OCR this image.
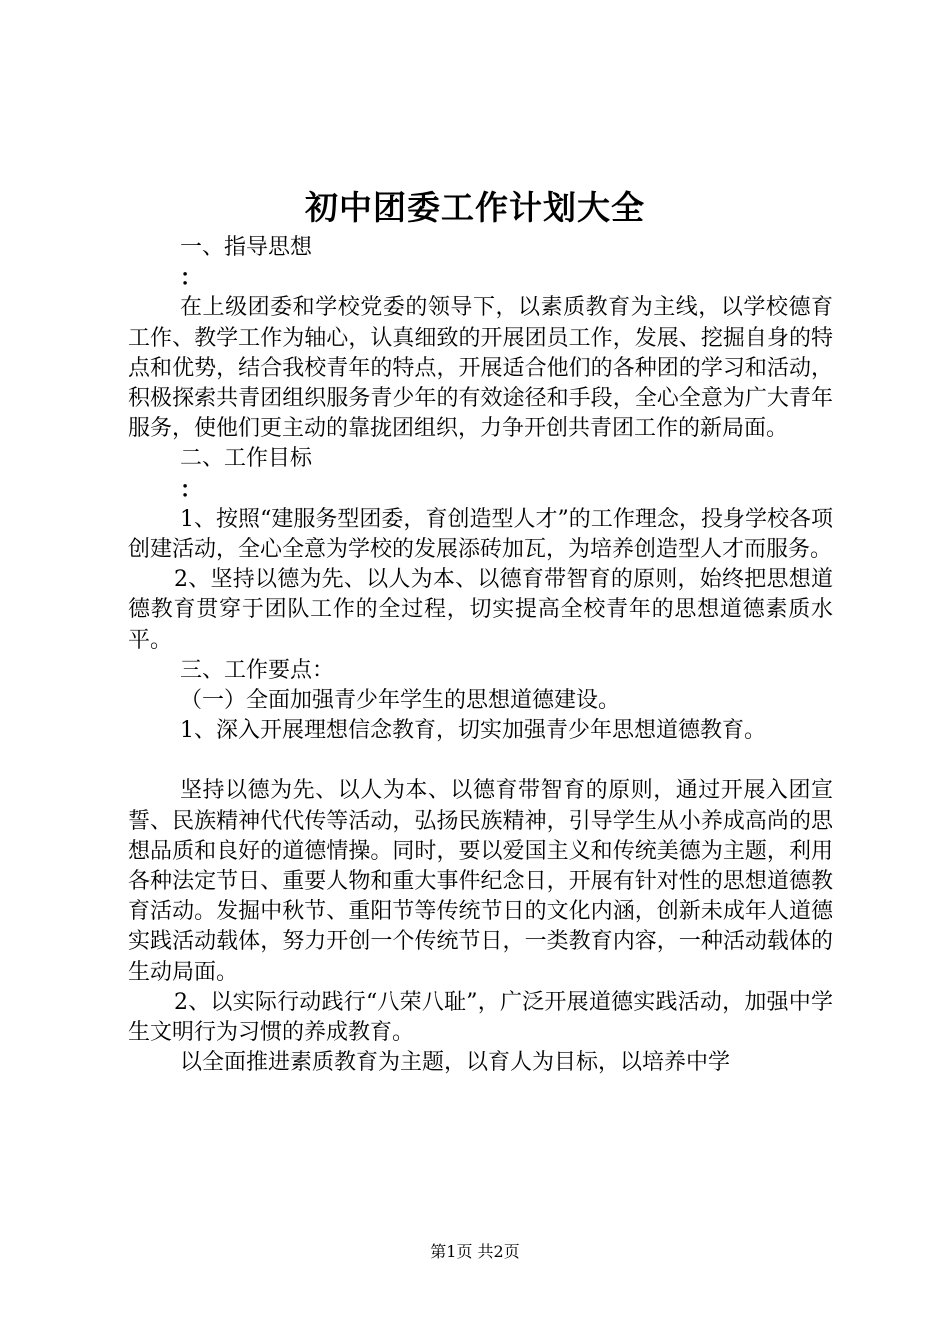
初中团委工作计划大全

一、指导思想

：

在上级团委和学校党委的领导下，以素质教育为主线，以学校德育工作、教学工作为轴心，认真细致的开展团员工作，发展、挖掘自身的特点和优势，结合我校青年的特点，开展适合他们的各种团的学习和活动，积极探索共青团组织服务青少年的有效途径和手段，全心全意为广大青年服务，使他们更主动的靠拢团组织，力争开创共青团工作的新局面。

二、工作目标

：

1、按照“建服务型团委，育创造型人才”的工作理念，投身学校各项创建活动，全心全意为学校的发展添砖加瓦，为培养创造型人才而服务。

2、坚持以德为先、以人为本、以德育带智育的原则，始终把思想道德教育贯穿于团队工作的全过程，切实提高全校青年的思想道德素质水平。

三、工作要点：

（一）全面加强青少年学生的思想道德建设。

1、深入开展理想信念教育，切实加强青少年思想道德教育。

坚持以德为先、以人为本、以德育带智育的原则，通过开展入团宣誓、民族精神代代传等活动，弘扬民族精神，引导学生从小养成高尚的思想品质和良好的道德情操。同时，要以爱国主义和传统美德为主题，利用各种法定节日、重要人物和重大事件纪念日，开展有针对性的思想道德教育活动。发掘中秋节、重阳节等传统节日的文化内涵，创新未成年人道德实践活动载体，努力开创一个传统节日，一类教育内容，一种活动载体的生动局面。

2、以实际行动践行“八荣八耻”，广泛开展道德实践活动，加强中学生文明行为习惯的养成教育。

以全面推进素质教育为主题，以育人为目标，以培养中学

第1页 共2页
